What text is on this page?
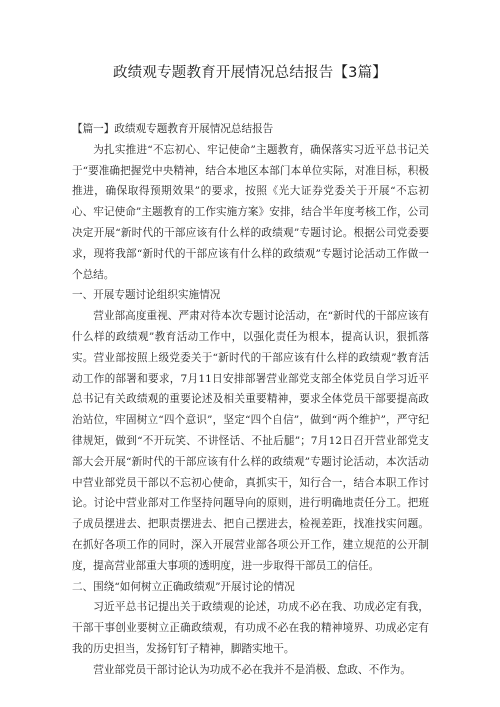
政绩观专题教育开展情况总结报告【3篇】

【篇一】政绩观专题教育开展情况总结报告

为扎实推进“不忘初心、牢记使命”主题教育，确保落实习近平总书记关于“要准确把握党中央精神，结合本地区本部门本单位实际，对准目标，积极推进，确保取得预期效果”的要求，按照《光大证券党委关于开展“不忘初心、牢记使命”主题教育的工作实施方案》安排，结合半年度考核工作，公司决定开展“新时代的干部应该有什么样的政绩观”专题讨论。根据公司党委要求，现将我部“新时代的干部应该有什么样的政绩观”专题讨论活动工作做一个总结。

一、开展专题讨论组织实施情况

营业部高度重视、严肃对待本次专题讨论活动，在“新时代的干部应该有什么样的政绩观”教育活动工作中，以强化责任为根本，提高认识，狠抓落实。营业部按照上级党委关于“新时代的干部应该有什么样的政绩观”教育活动工作的部署和要求，7月11日安排部署营业部党支部全体党员自学习近平总书记有关政绩观的重要论述及相关重要精神，要求全体党员干部要提高政治站位，牢固树立“四个意识”，坚定“四个自信”，做到“两个维护”，严守纪律规矩，做到“不开玩笑、不讲怪话、不扯后腿”；7月12日召开营业部党支部大会开展“新时代的干部应该有什么样的政绩观”专题讨论活动，本次活动中营业部党员干部以不忘初心使命，真抓实干，知行合一，结合本职工作讨论。讨论中营业部对工作坚持问题导向的原则，进行明确地责任分工。把班子成员摆进去、把职责摆进去、把自己摆进去，检视差距，找准找实问题。在抓好各项工作的同时，深入开展营业部各项公开工作，建立规范的公开制度，提高营业部重大事项的透明度，进一步取得干部员工的信任。

二、围绕“如何树立正确政绩观”开展讨论的情况

习近平总书记提出关于政绩观的论述，功成不必在我、功成必定有我，干部干事创业要树立正确政绩观，有功成不必在我的精神境界、功成必定有我的历史担当，发扬钉钉子精神，脚踏实地干。

营业部党员干部讨论认为功成不必在我并不是消极、怠政、不作为。
